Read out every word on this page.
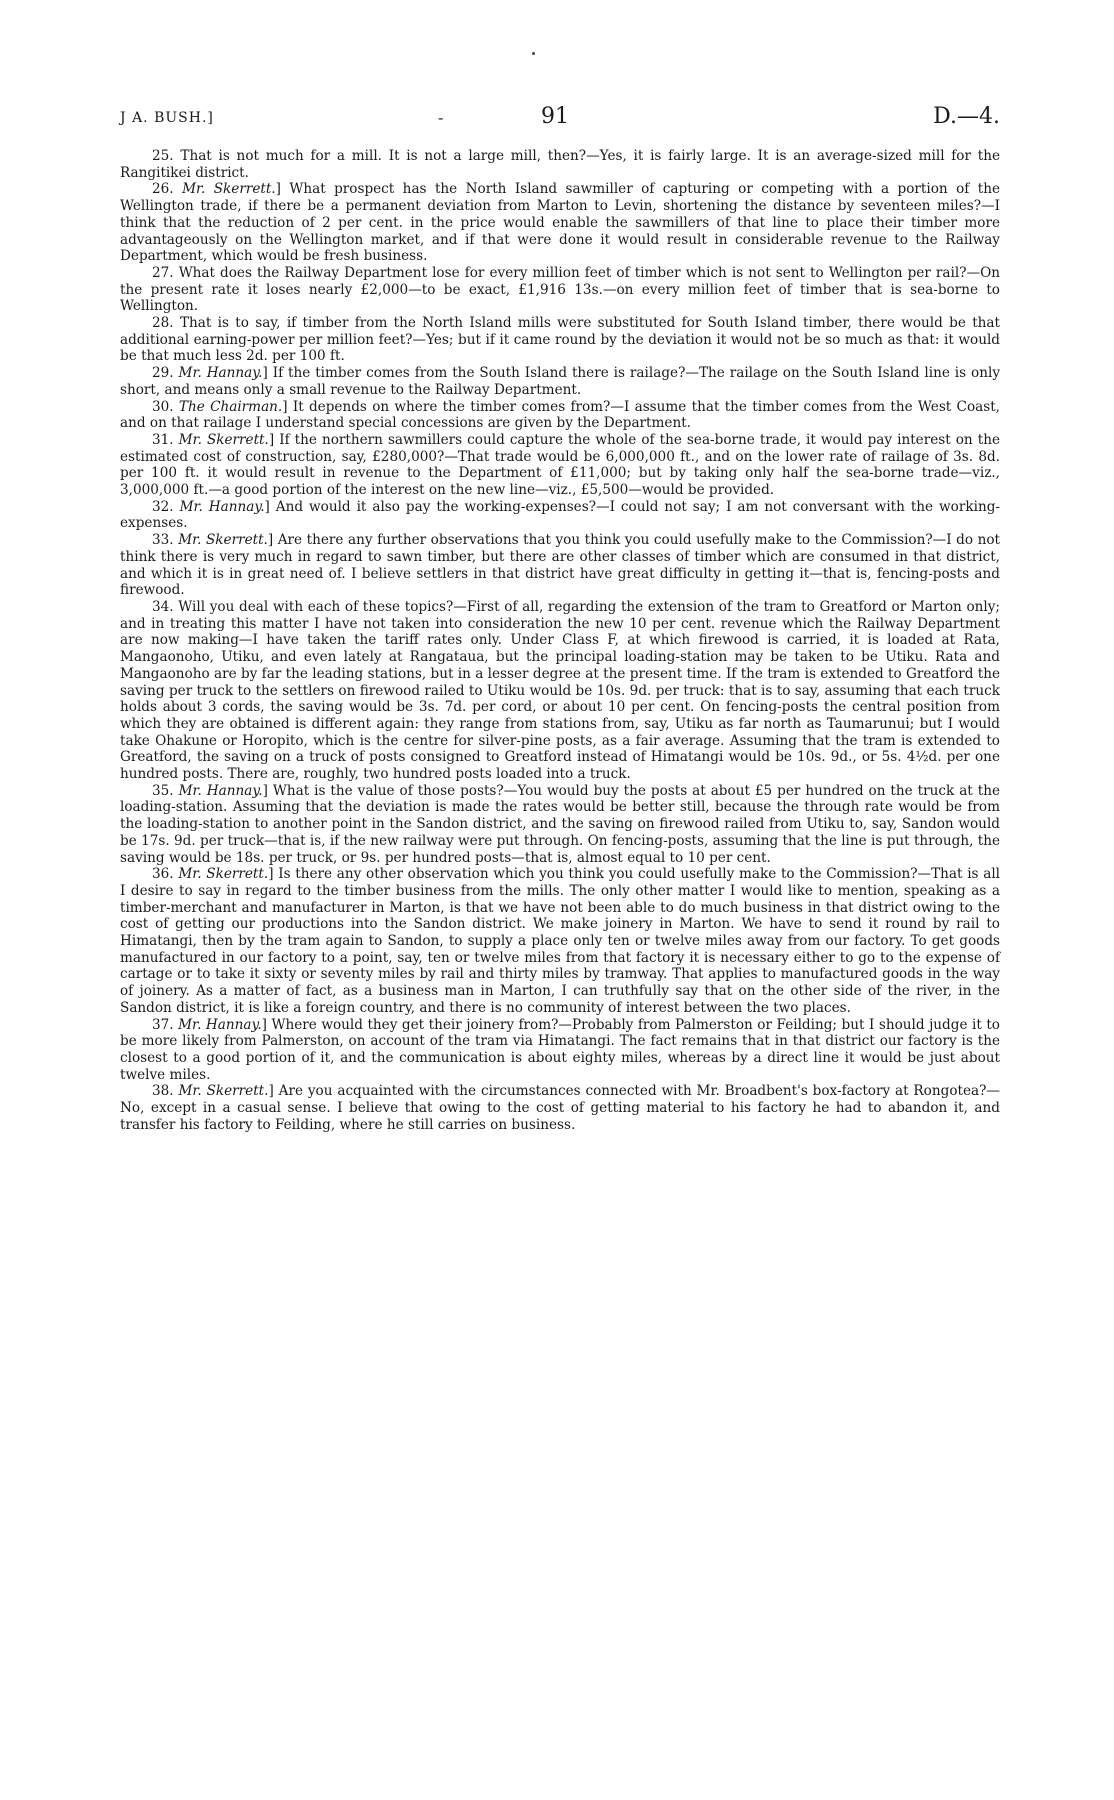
J A. BUSH.]	-	91	D.—4.

25. That is not much for a mill. It is not a large mill, then?—Yes, it is fairly large. It is an average-sized mill for the Rangitikei district.

26. Mr. Skerrett.] What prospect has the North Island sawmiller of capturing or competing with a portion of the Wellington trade, if there be a permanent deviation from Marton to Levin, shortening the distance by seventeen miles?—I think that the reduction of 2 per cent. in the price would enable the sawmillers of that line to place their timber more advantageously on the Wellington market, and if that were done it would result in considerable revenue to the Railway Department, which would be fresh business.

27. What does the Railway Department lose for every million feet of timber which is not sent to Wellington per rail?—On the present rate it loses nearly £2,000—to be exact, £1,916 13s.—on every million feet of timber that is sea-borne to Wellington.

28. That is to say, if timber from the North Island mills were substituted for South Island timber, there would be that additional earning-power per million feet?—Yes; but if it came round by the deviation it would not be so much as that: it would be that much less 2d. per 100 ft.

29. Mr. Hannay.] If the timber comes from the South Island there is railage?—The railage on the South Island line is only short, and means only a small revenue to the Railway Department.

30. The Chairman.] It depends on where the timber comes from?—I assume that the timber comes from the West Coast, and on that railage I understand special concessions are given by the Department.

31. Mr. Skerrett.] If the northern sawmillers could capture the whole of the sea-borne trade, it would pay interest on the estimated cost of construction, say, £280,000?—That trade would be 6,000,000 ft., and on the lower rate of railage of 3s. 8d. per 100 ft. it would result in revenue to the Department of £11,000; but by taking only half the sea-borne trade—viz., 3,000,000 ft.—a good portion of the interest on the new line—viz., £5,500—would be provided.

32. Mr. Hannay.] And would it also pay the working-expenses?—I could not say; I am not conversant with the working-expenses.

33. Mr. Skerrett.] Are there any further observations that you think you could usefully make to the Commission?—I do not think there is very much in regard to sawn timber, but there are other classes of timber which are consumed in that district, and which it is in great need of. I believe settlers in that district have great difficulty in getting it—that is, fencing-posts and firewood.

34. Will you deal with each of these topics?—First of all, regarding the extension of the tram to Greatford or Marton only; and in treating this matter I have not taken into consideration the new 10 per cent. revenue which the Railway Department are now making—I have taken the tariff rates only. Under Class F, at which firewood is carried, it is loaded at Rata, Mangaonoho, Utiku, and even lately at Rangataua, but the principal loading-station may be taken to be Utiku. Rata and Mangaonoho are by far the leading stations, but in a lesser degree at the present time. If the tram is extended to Greatford the saving per truck to the settlers on firewood railed to Utiku would be 10s. 9d. per truck: that is to say, assuming that each truck holds about 3 cords, the saving would be 3s. 7d. per cord, or about 10 per cent. On fencing-posts the central position from which they are obtained is different again: they range from stations from, say, Utiku as far north as Taumarunui; but I would take Ohakune or Horopito, which is the centre for silver-pine posts, as a fair average. Assuming that the tram is extended to Greatford, the saving on a truck of posts consigned to Greatford instead of Himatangi would be 10s. 9d., or 5s. 4½d. per one hundred posts. There are, roughly, two hundred posts loaded into a truck.

35. Mr. Hannay.] What is the value of those posts?—You would buy the posts at about £5 per hundred on the truck at the loading-station. Assuming that the deviation is made the rates would be better still, because the through rate would be from the loading-station to another point in the Sandon district, and the saving on firewood railed from Utiku to, say, Sandon would be 17s. 9d. per truck—that is, if the new railway were put through. On fencing-posts, assuming that the line is put through, the saving would be 18s. per truck, or 9s. per hundred posts—that is, almost equal to 10 per cent.

36. Mr. Skerrett.] Is there any other observation which you think you could usefully make to the Commission?—That is all I desire to say in regard to the timber business from the mills. The only other matter I would like to mention, speaking as a timber-merchant and manufacturer in Marton, is that we have not been able to do much business in that district owing to the cost of getting our productions into the Sandon district. We make joinery in Marton. We have to send it round by rail to Himatangi, then by the tram again to Sandon, to supply a place only ten or twelve miles away from our factory. To get goods manufactured in our factory to a point, say, ten or twelve miles from that factory it is necessary either to go to the expense of cartage or to take it sixty or seventy miles by rail and thirty miles by tramway. That applies to manufactured goods in the way of joinery. As a matter of fact, as a business man in Marton, I can truthfully say that on the other side of the river, in the Sandon district, it is like a foreign country, and there is no community of interest between the two places.

37. Mr. Hannay.] Where would they get their joinery from?—Probably from Palmerston or Feilding; but I should judge it to be more likely from Palmerston, on account of the tram via Himatangi. The fact remains that in that district our factory is the closest to a good portion of it, and the communication is about eighty miles, whereas by a direct line it would be just about twelve miles.

38. Mr. Skerrett.] Are you acquainted with the circumstances connected with Mr. Broadbent's box-factory at Rongotea?—No, except in a casual sense. I believe that owing to the cost of getting material to his factory he had to abandon it, and transfer his factory to Feilding, where he still carries on business.
